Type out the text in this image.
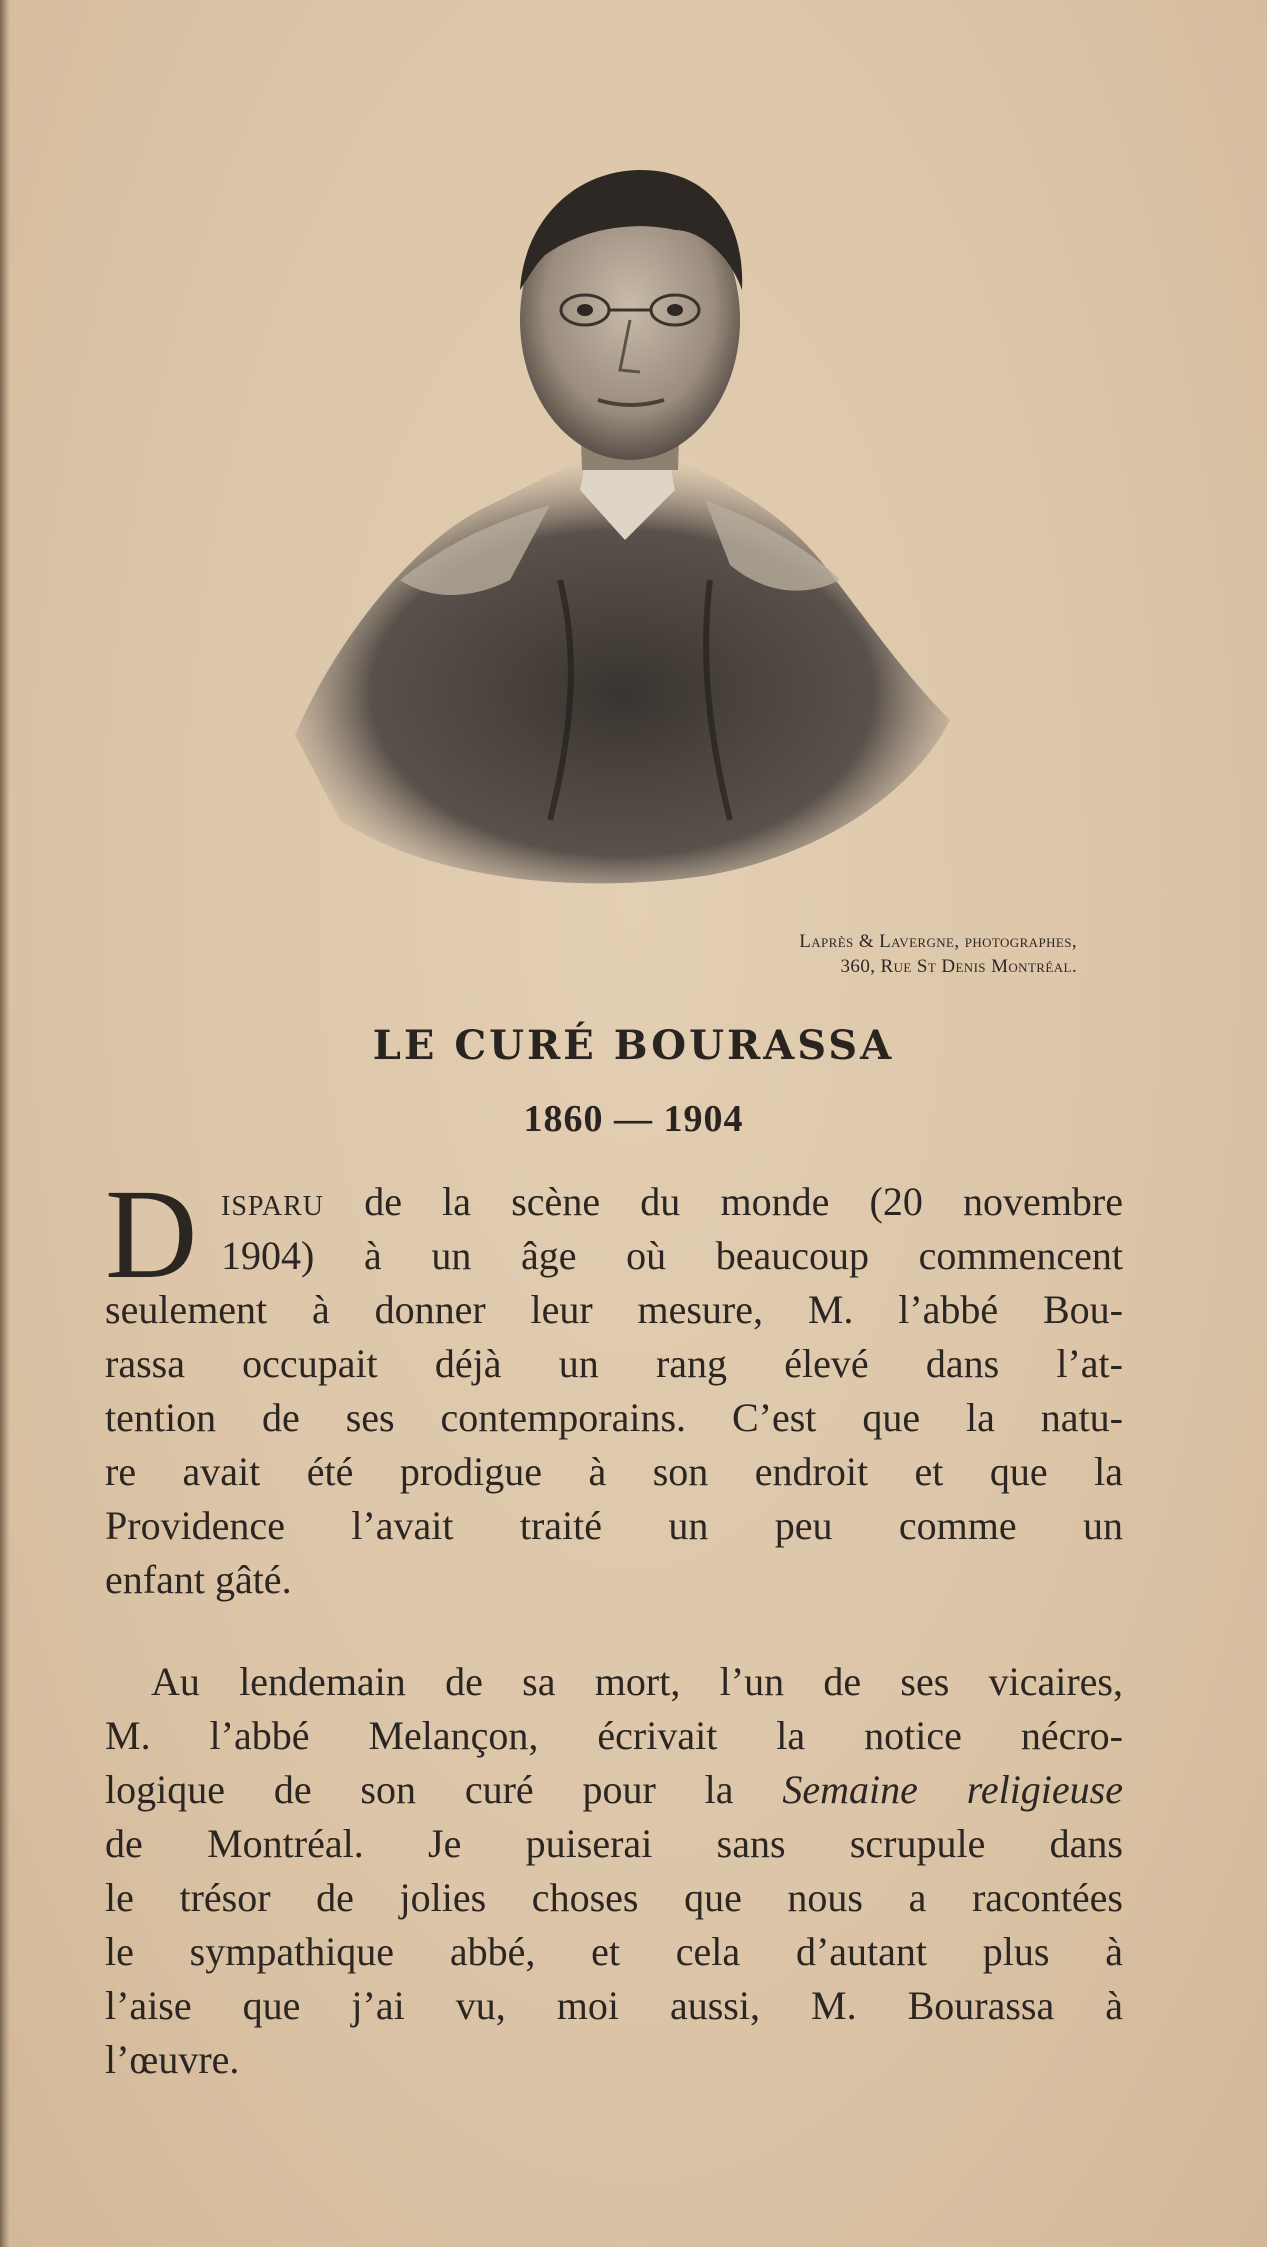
Laprès & Lavergne, photographes,
360, Rue St Denis Montréal.
LE CURÉ BOURASSA
1860 — 1904
D isparu de la scène du monde (20 novembre
1904) à un âge où beaucoup commencent
seulement à donner leur mesure, M. l’abbé Bou-
rassa occupait déjà un rang élevé dans l’at-
tention de ses contemporains. C’est que la natu-
re avait été prodigue à son endroit et que la
Providence l’avait traité un peu comme un
enfant gâté.
Au lendemain de sa mort, l’un de ses vicaires,
M. l’abbé Melançon, écrivait la notice nécro-
logique de son curé pour la Semaine religieuse
de Montréal. Je puiserai sans scrupule dans
le trésor de jolies choses que nous a racontées
le sympathique abbé, et cela d’autant plus à
l’aise que j’ai vu, moi aussi, M. Bourassa à
l’œuvre.
